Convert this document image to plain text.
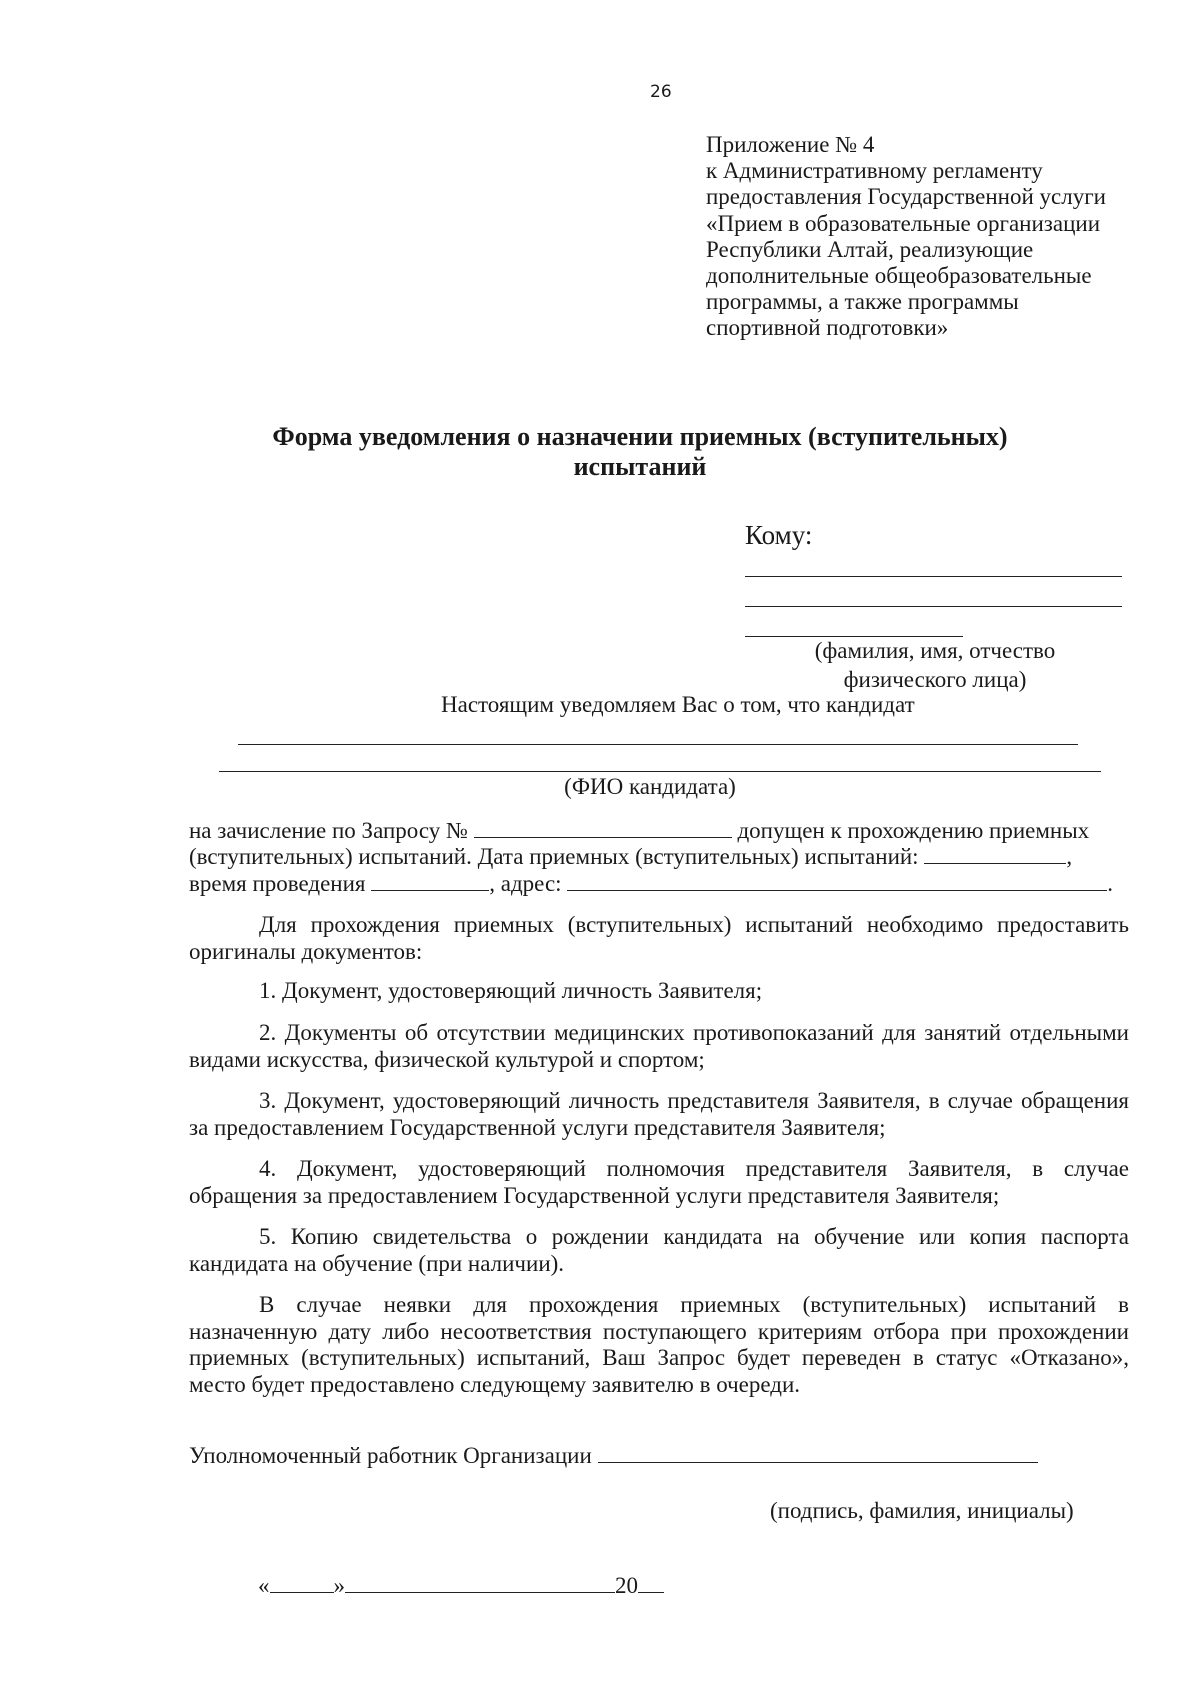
26
Приложение № 4
к Административному регламенту
предоставления Государственной услуги
«Прием в образовательные организации
Республики Алтай, реализующие
дополнительные общеобразовательные
программы, а также программы
спортивной подготовки»
Форма уведомления о назначении приемных (вступительных)
испытаний
Кому:
(фамилия, имя, отчество
физического лица)
Настоящим уведомляем Вас о том, что кандидат
(ФИО кандидата)
на зачисление по Запросу №	допущен к прохождению приемных
(вступительных) испытаний. Дата приемных (вступительных) испытаний:	,
время проведения	, адрес:	.
Для прохождения приемных (вступительных) испытаний необходимо предоставить оригиналы документов:
1. Документ, удостоверяющий личность Заявителя;
2. Документы об отсутствии медицинских противопоказаний для занятий отдельными видами искусства, физической культурой и спортом;
3. Документ, удостоверяющий личность представителя Заявителя, в случае обращения за предоставлением Государственной услуги представителя Заявителя;
4. Документ, удостоверяющий полномочия представителя Заявителя, в случае обращения за предоставлением Государственной услуги представителя Заявителя;
5. Копию свидетельства о рождении кандидата на обучение или копия паспорта кандидата на обучение (при наличии).
В случае неявки для прохождения приемных (вступительных) испытаний в назначенную дату либо несоответствия поступающего критериям отбора при прохождении приемных (вступительных) испытаний, Ваш Запрос будет переведен в статус «Отказано», место будет предоставлено следующему заявителю в очереди.
Уполномоченный работник Организации
(подпись, фамилия, инициалы)
«	»	20
